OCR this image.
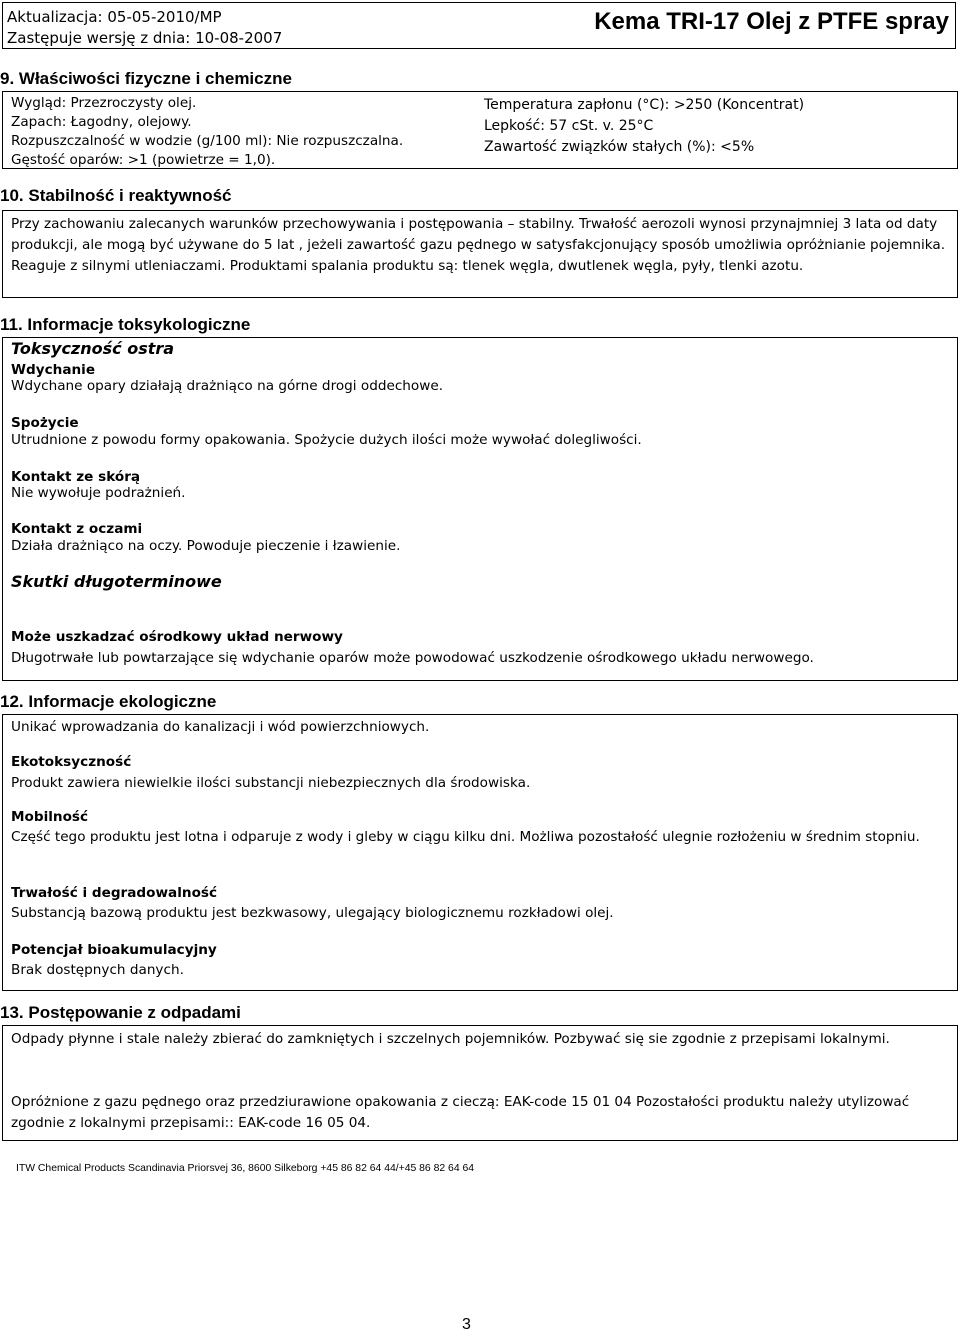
Aktualizacja: 05-05-2010/MP
Zastępuje wersję z dnia: 10-08-2007
Kema TRI-17 Olej z PTFE spray
9. Właściwości fizyczne i chemiczne
Wygląd: Przezroczysty olej.
Zapach: Łagodny, olejowy.
Rozpuszczalność w wodzie (g/100 ml): Nie rozpuszczalna.
Gęstość oparów: >1 (powietrze = 1,0).
Temperatura zapłonu (°C): >250 (Koncentrat)
Lepkość: 57 cSt. v. 25°C
Zawartość związków stałych (%): <5%
10. Stabilność i reaktywność

Przy zachowaniu zalecanych warunków przechowywania i postępowania – stabilny. Trwałość aerozoli wynosi przynajmniej 3 lata od daty produkcji, ale mogą być używane do 5 lat , jeżeli zawartość gazu pędnego w satysfakcjonujący sposób umożliwia opróżnianie pojemnika. Reaguje z silnymi utleniaczami. Produktami spalania produktu są: tlenek węgla, dwutlenek węgla, pyły, tlenki azotu.

11. Informacje toksykologiczne
Toksyczność ostra
Wdychanie
Wdychane opary działają drażniąco na górne drogi oddechowe.
Spożycie
Utrudnione z powodu formy opakowania. Spożycie dużych ilości może wywołać dolegliwości.
Kontakt ze skórą
Nie wywołuje podrażnień.
Kontakt z oczami
Działa drażniąco na oczy. Powoduje pieczenie i łzawienie.
Skutki długoterminowe
Może uszkadzać ośrodkowy układ nerwowy
Długotrwałe lub powtarzające się wdychanie oparów może powodować uszkodzenie ośrodkowego układu nerwowego.
12. Informacje ekologiczne
Unikać wprowadzania do kanalizacji i wód powierzchniowych.
Ekotoksyczność
Produkt zawiera niewielkie ilości substancji niebezpiecznych dla środowiska.
Mobilność
Część tego produktu jest lotna i odparuje z wody i gleby w ciągu kilku dni. Możliwa pozostałość ulegnie rozłożeniu w średnim stopniu.
Trwałość i degradowalność
Substancją bazową produktu jest bezkwasowy, ulegający biologicznemu rozkładowi olej.
Potencjał bioakumulacyjny
Brak dostępnych danych.
13. Postępowanie z odpadami
Odpady płynne i stale należy zbierać do zamkniętych i szczelnych pojemników. Pozbywać się sie zgodnie z przepisami lokalnymi.
Opróżnione z gazu pędnego oraz przedziurawione opakowania z cieczą: EAK-code 15 01 04 Pozostałości produktu należy utylizować zgodnie z lokalnymi przepisami:: EAK-code 16 05 04.
ITW Chemical Products Scandinavia Priorsvej 36, 8600 Silkeborg +45 86 82 64 44/+45 86 82 64 64
3
